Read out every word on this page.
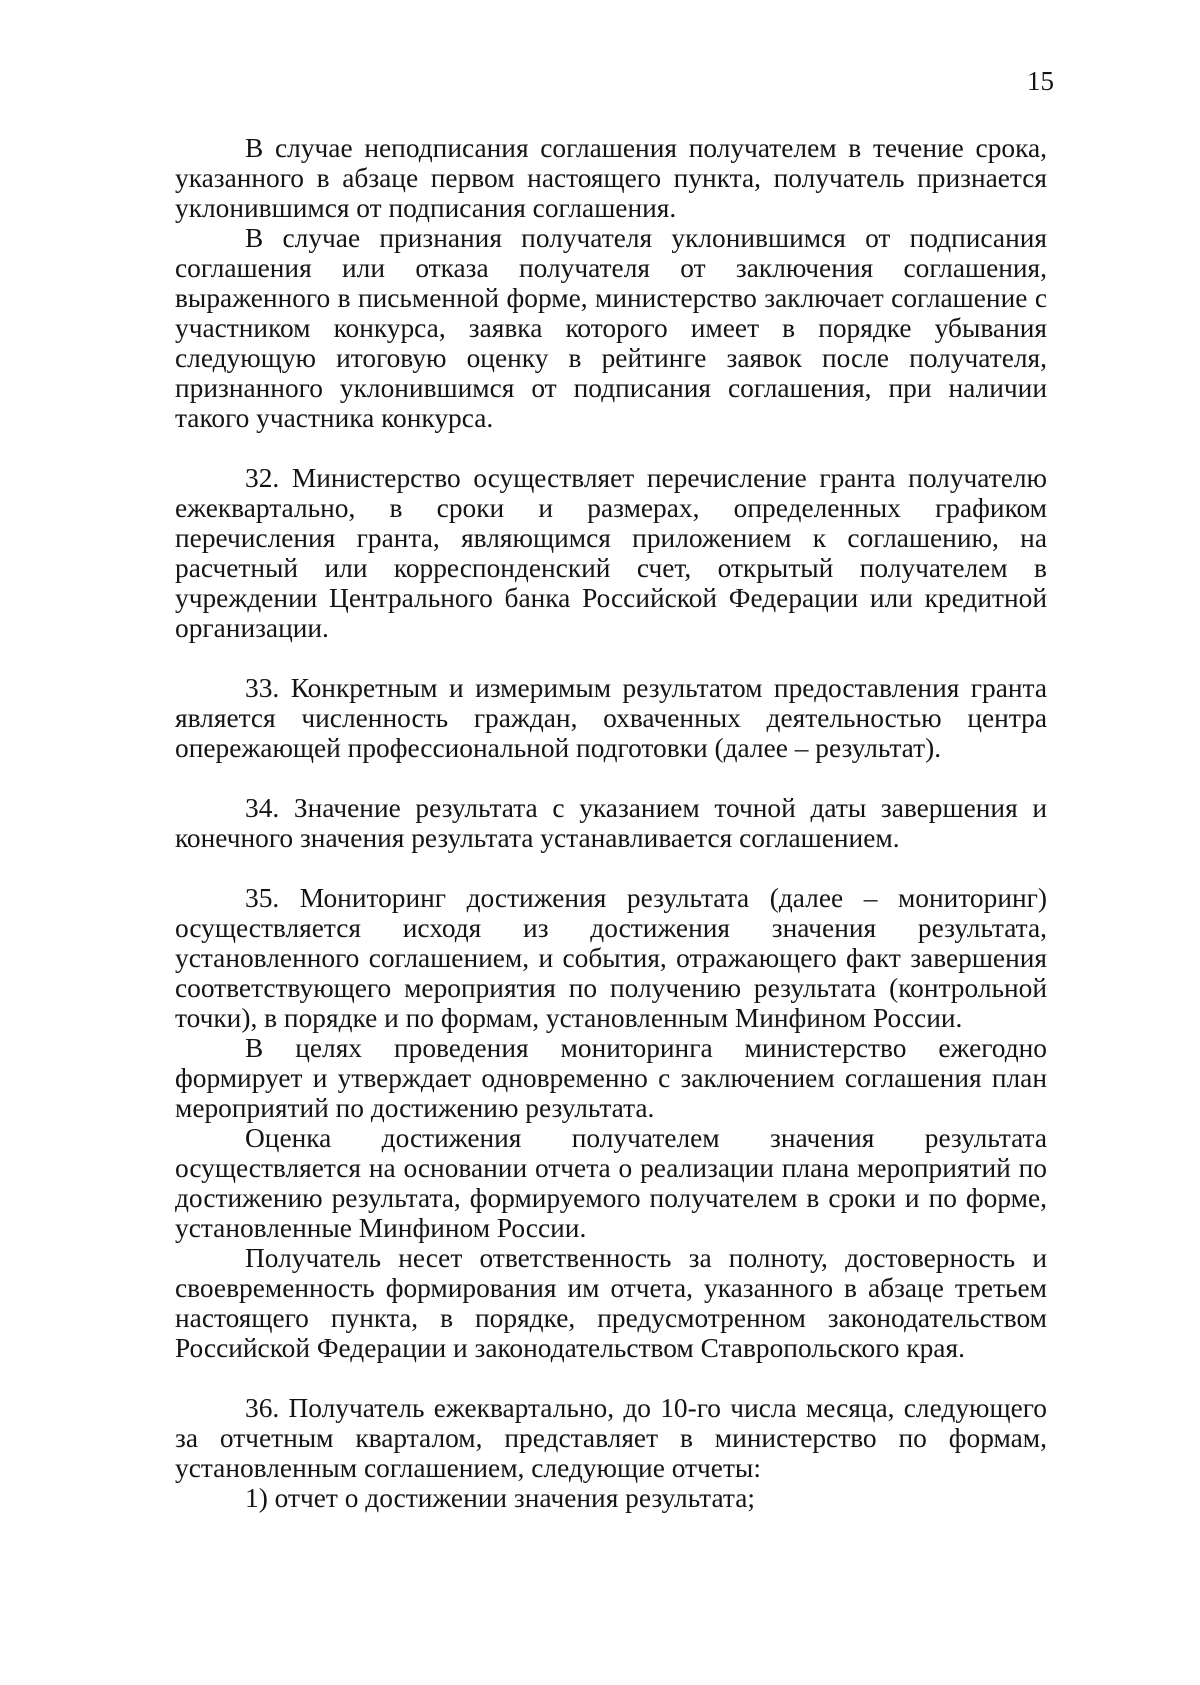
15

В случае неподписания соглашения получателем в течение срока, указанного в абзаце первом настоящего пункта, получатель признается уклонившимся от подписания соглашения.

В случае признания получателя уклонившимся от подписания соглашения или отказа получателя от заключения соглашения, выраженного в письменной форме, министерство заключает соглашение с участником конкурса, заявка которого имеет в порядке убывания следующую итоговую оценку в рейтинге заявок после получателя, признанного уклонившимся от подписания соглашения, при наличии такого участника конкурса.

32. Министерство осуществляет перечисление гранта получателю ежеквартально, в сроки и размерах, определенных графиком перечисления гранта, являющимся приложением к соглашению, на расчетный или корреспонденский счет, открытый получателем в учреждении Центрального банка Российской Федерации или кредитной организации.

33. Конкретным и измеримым результатом предоставления гранта является численность граждан, охваченных деятельностью центра опережающей профессиональной подготовки (далее – результат).

34. Значение результата с указанием точной даты завершения и конечного значения результата устанавливается соглашением.

35. Мониторинг достижения результата (далее – мониторинг) осуществляется исходя из достижения значения результата, установленного соглашением, и события, отражающего факт завершения соответствующего мероприятия по получению результата (контрольной точки), в порядке и по формам, установленным Минфином России.

В целях проведения мониторинга министерство ежегодно формирует и утверждает одновременно с заключением соглашения план мероприятий по достижению результата.

Оценка достижения получателем значения результата осуществляется на основании отчета о реализации плана мероприятий по достижению результата, формируемого получателем в сроки и по форме, установленные Минфином России.

Получатель несет ответственность за полноту, достоверность и своевременность формирования им отчета, указанного в абзаце третьем настоящего пункта, в порядке, предусмотренном законодательством Российской Федерации и законодательством Ставропольского края.

36. Получатель ежеквартально, до 10-го числа месяца, следующего за отчетным кварталом, представляет в министерство по формам, установленным соглашением, следующие отчеты:

1) отчет о достижении значения результата;
